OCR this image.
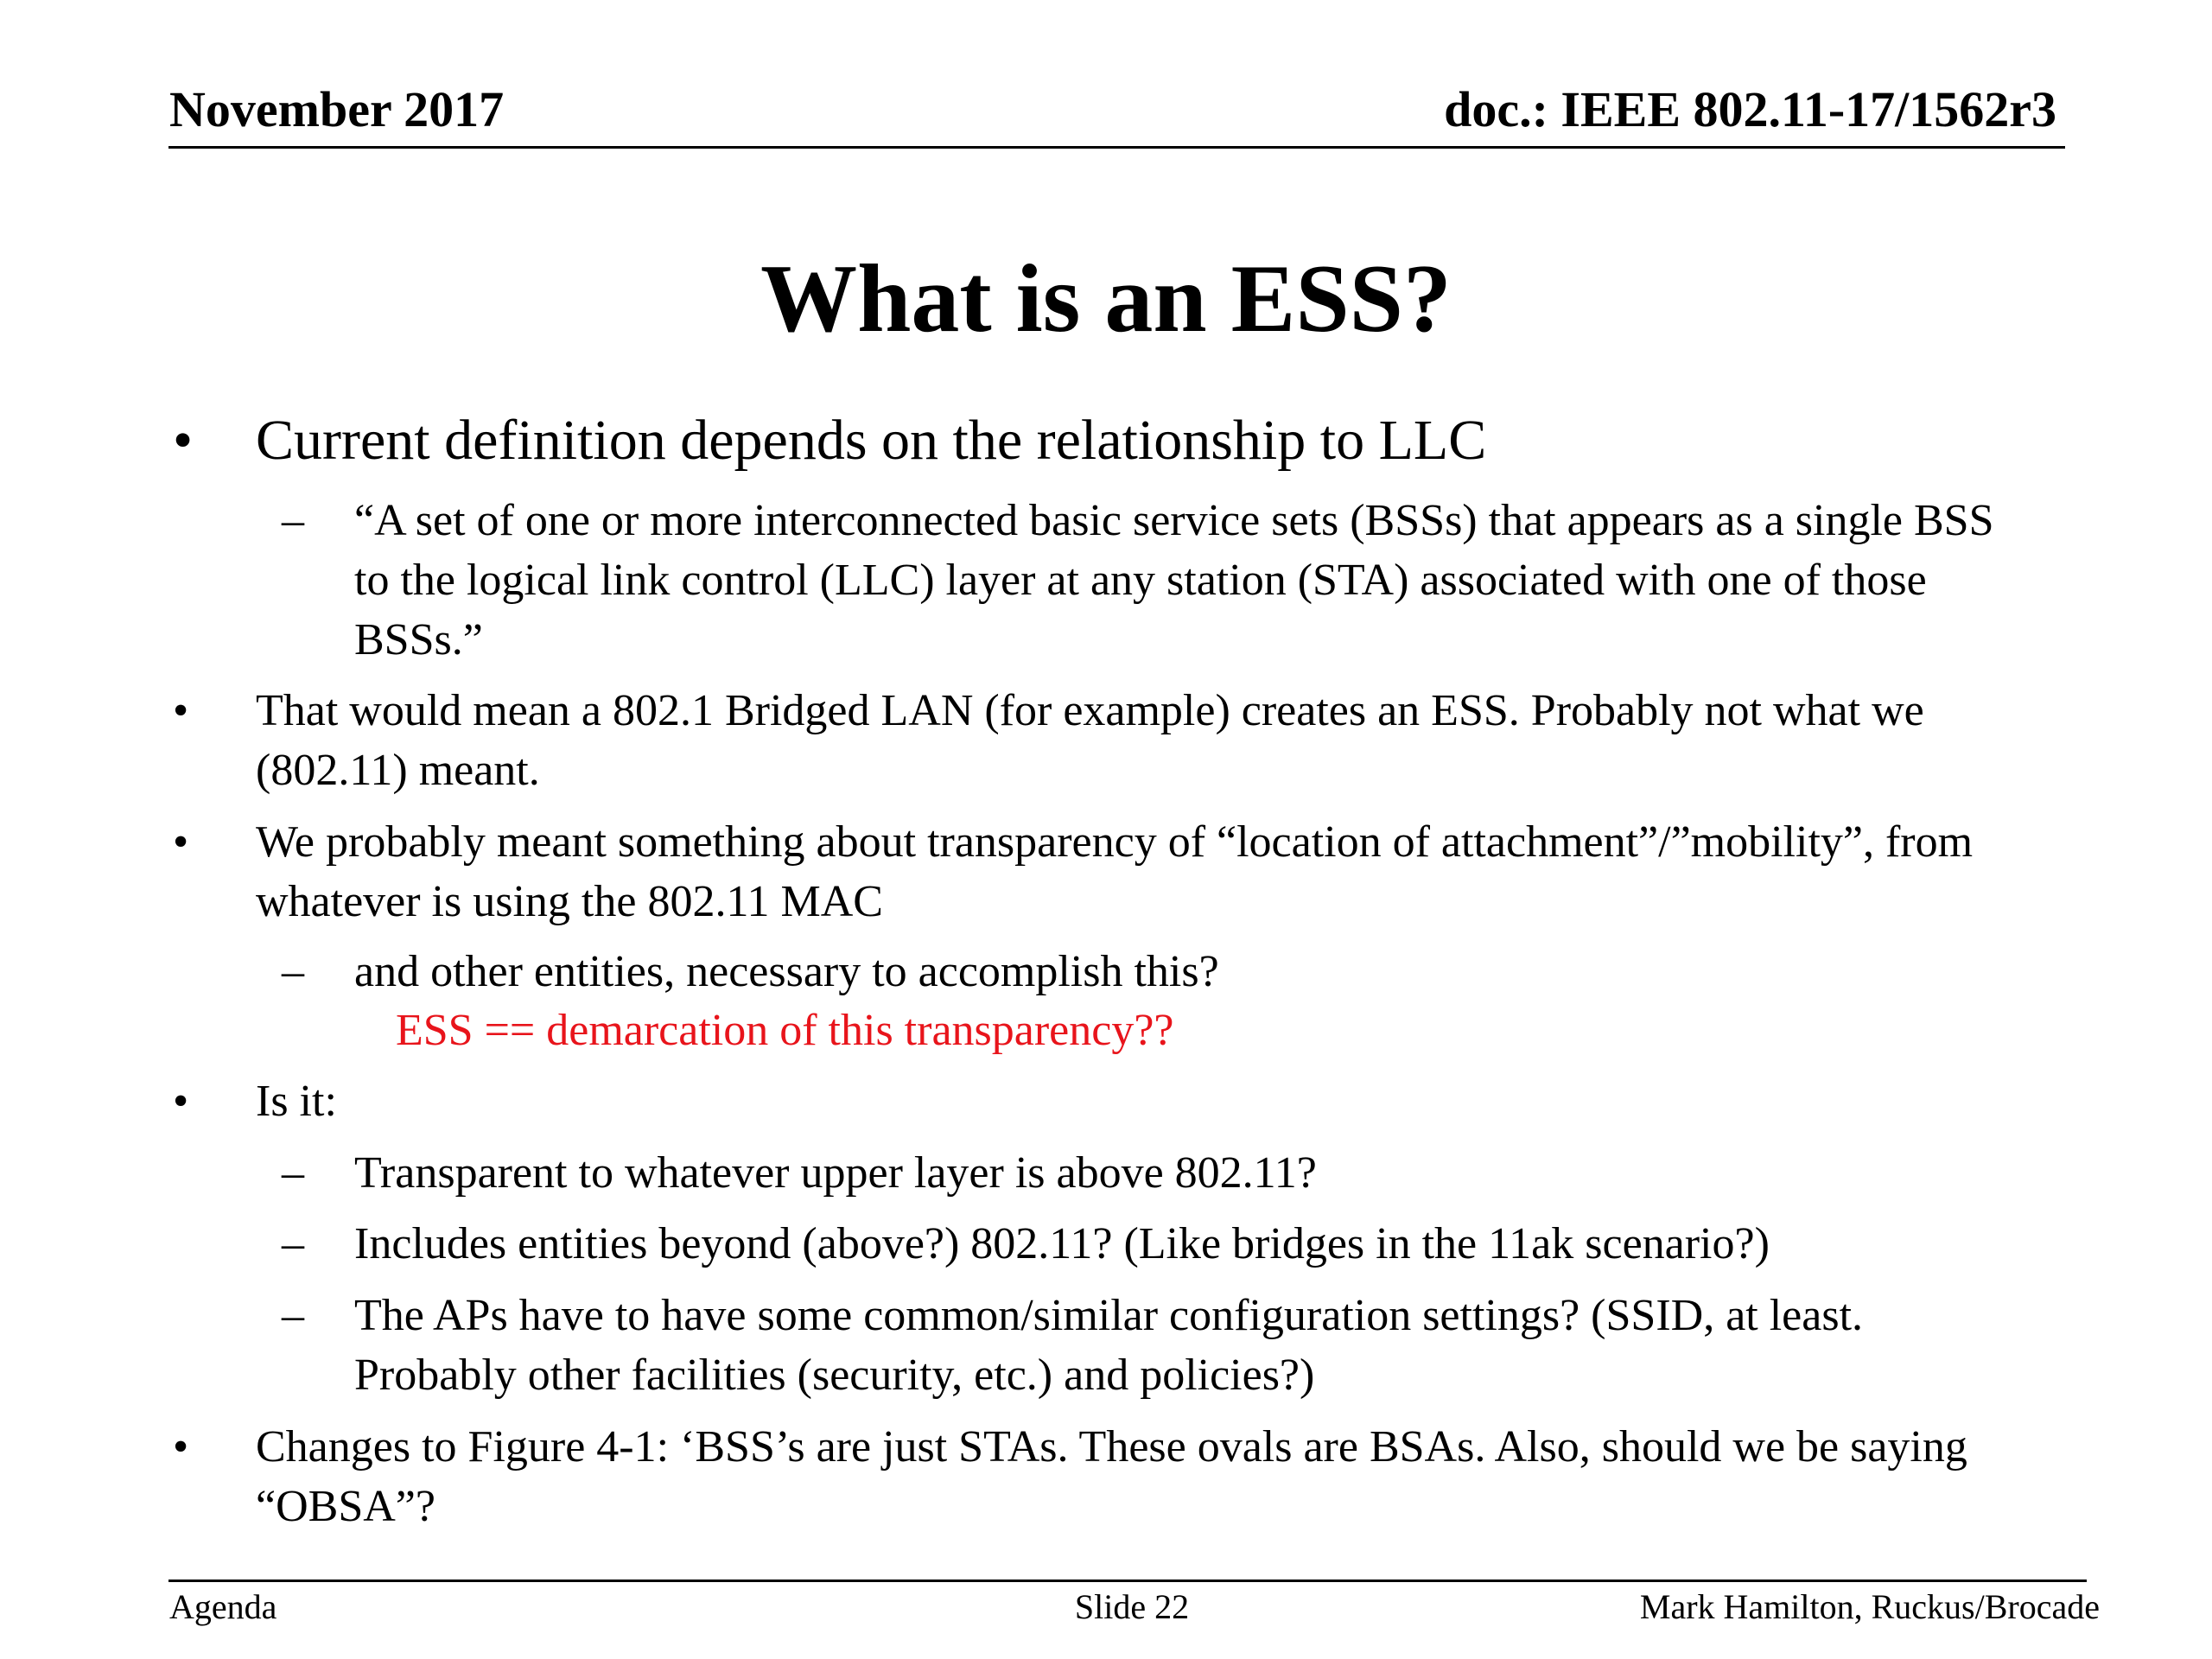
November 2017	doc.: IEEE 802.11-17/1562r3
What is an ESS?
• Current definition depends on the relationship to LLC
– “A set of one or more interconnected basic service sets (BSSs) that appears as a single BSS to the logical link control (LLC) layer at any station (STA) associated with one of those BSSs.”
• That would mean a 802.1 Bridged LAN (for example) creates an ESS. Probably not what we (802.11) meant.
• We probably meant something about transparency of “location of attachment”/”mobility”, from whatever is using the 802.11 MAC
– and other entities, necessary to accomplish this?
ESS == demarcation of this transparency??
• Is it:
– Transparent to whatever upper layer is above 802.11?
– Includes entities beyond (above?) 802.11? (Like bridges in the 11ak scenario?)
– The APs have to have some common/similar configuration settings? (SSID, at least. Probably other facilities (security, etc.) and policies?)
• Changes to Figure 4-1: ‘BSS’s are just STAs. These ovals are BSAs. Also, should we be saying “OBSA”?
Agenda	Slide 22	Mark Hamilton, Ruckus/Brocade
